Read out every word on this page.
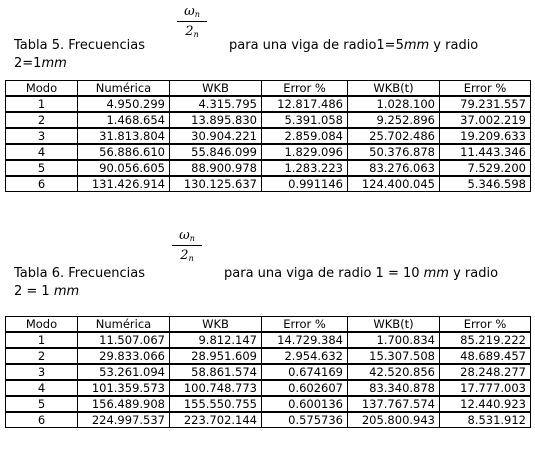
$\omega_n$
$2_n$
Tabla 5. Frecuencias	para una viga de radio1=5mm y radio
2=1mm
Modo	Numérica	WKB	Error %	WKB(t)	Error %
1	4.950.299	4.315.795	12.817.486	1.028.100	79.231.557
2	1.468.654	13.895.830	5.391.058	9.252.896	37.002.219
3	31.813.804	30.904.221	2.859.084	25.702.486	19.209.633
4	56.886.610	55.846.099	1.829.096	50.376.878	11.443.346
5	90.056.605	88.900.978	1.283.223	83.276.063	7.529.200
6	131.426.914	130.125.637	0.991146	124.400.045	5.346.598
$\omega_n$
$2_n$
Tabla 6. Frecuencias	para una viga de radio 1 = 10 mm y radio
2 = 1 mm
Modo	Numérica	WKB	Error %	WKB(t)	Error %
1	11.507.067	9.812.147	14.729.384	1.700.834	85.219.222
2	29.833.066	28.951.609	2.954.632	15.307.508	48.689.457
3	53.261.094	58.861.574	0.674169	42.520.856	28.248.277
4	101.359.573	100.748.773	0.602607	83.340.878	17.777.003
5	156.489.908	155.550.755	0.600136	137.767.574	12.440.923
6	224.997.537	223.702.144	0.575736	205.800.943	8.531.912
